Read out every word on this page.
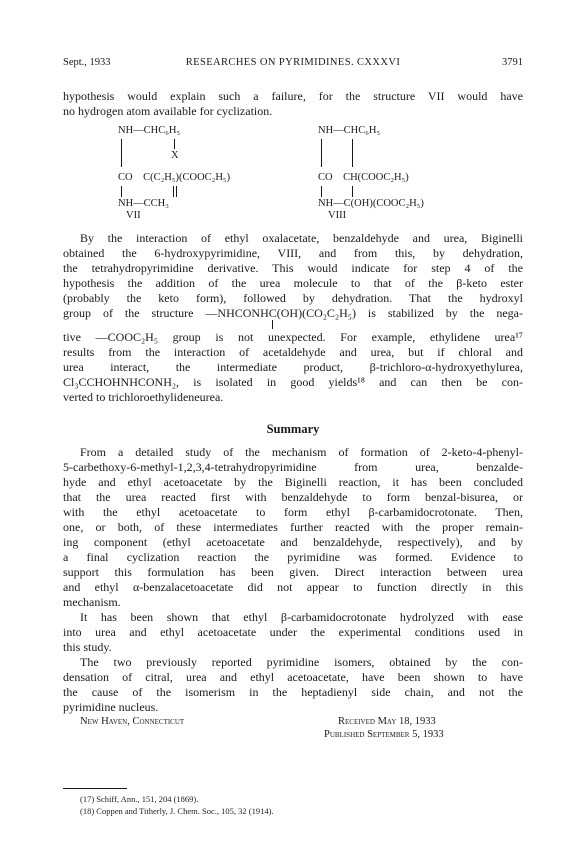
Sept., 1933	RESEARCHES ON PYRIMIDINES. CXXXVI	3791
hypothesis would explain such a failure, for the structure VII would have
no hydrogen atom available for cyclization.
NH—CHC₆H₅
X
CO    C(C₂H₅)(COOC₂H₅)
NH—CCH₃
VII
NH—CHC₆H₅
CO    CH(COOC₂H₅)
NH—C(OH)(COOC₂H₅)
VIII
By the interaction of ethyl oxalacetate, benzaldehyde and urea, Biginelli
obtained the 6-hydroxypyrimidine, VIII, and from this, by dehydration,
the tetrahydropyrimidine derivative. This would indicate for step 4 of the
hypothesis the addition of the urea molecule to that of the β-keto ester
(probably the keto form), followed by dehydration. That the hydroxyl
group of the structure —NHCONHC(OH)(CO₂C₂H₅) is stabilized by the nega-
tive —COOC₂H₅ group is not unexpected. For example, ethylidene urea¹⁷
results from the interaction of acetaldehyde and urea, but if chloral and
urea interact, the intermediate product, β-trichloro-α-hydroxyethylurea,
Cl₃CCHOHNHCONH₂, is isolated in good yields¹⁸ and can then be con-
verted to trichloroethylideneurea.
Summary
From a detailed study of the mechanism of formation of 2-keto-4-phenyl-
5-carbethoxy-6-methyl-1,2,3,4-tetrahydropyrimidine from urea, benzalde-
hyde and ethyl acetoacetate by the Biginelli reaction, it has been concluded
that the urea reacted first with benzaldehyde to form benzal-bisurea, or
with the ethyl acetoacetate to form ethyl β-carbamidocrotonate. Then,
one, or both, of these intermediates further reacted with the proper remain-
ing component (ethyl acetoacetate and benzaldehyde, respectively), and by
a final cyclization reaction the pyrimidine was formed. Evidence to
support this formulation has been given. Direct interaction between urea
and ethyl α-benzalacetoacetate did not appear to function directly in this
mechanism.
It has been shown that ethyl β-carbamidocrotonate hydrolyzed with ease
into urea and ethyl acetoacetate under the experimental conditions used in
this study.
The two previously reported pyrimidine isomers, obtained by the con-
densation of citral, urea and ethyl acetoacetate, have been shown to have
the cause of the isomerism in the heptadienyl side chain, and not the
pyrimidine nucleus.
New Haven, Connecticut	Received May 18, 1933
Published September 5, 1933
(17) Schiff, Ann., 151, 204 (1869).
(18) Coppen and Titherly, J. Chem. Soc., 105, 32 (1914).
